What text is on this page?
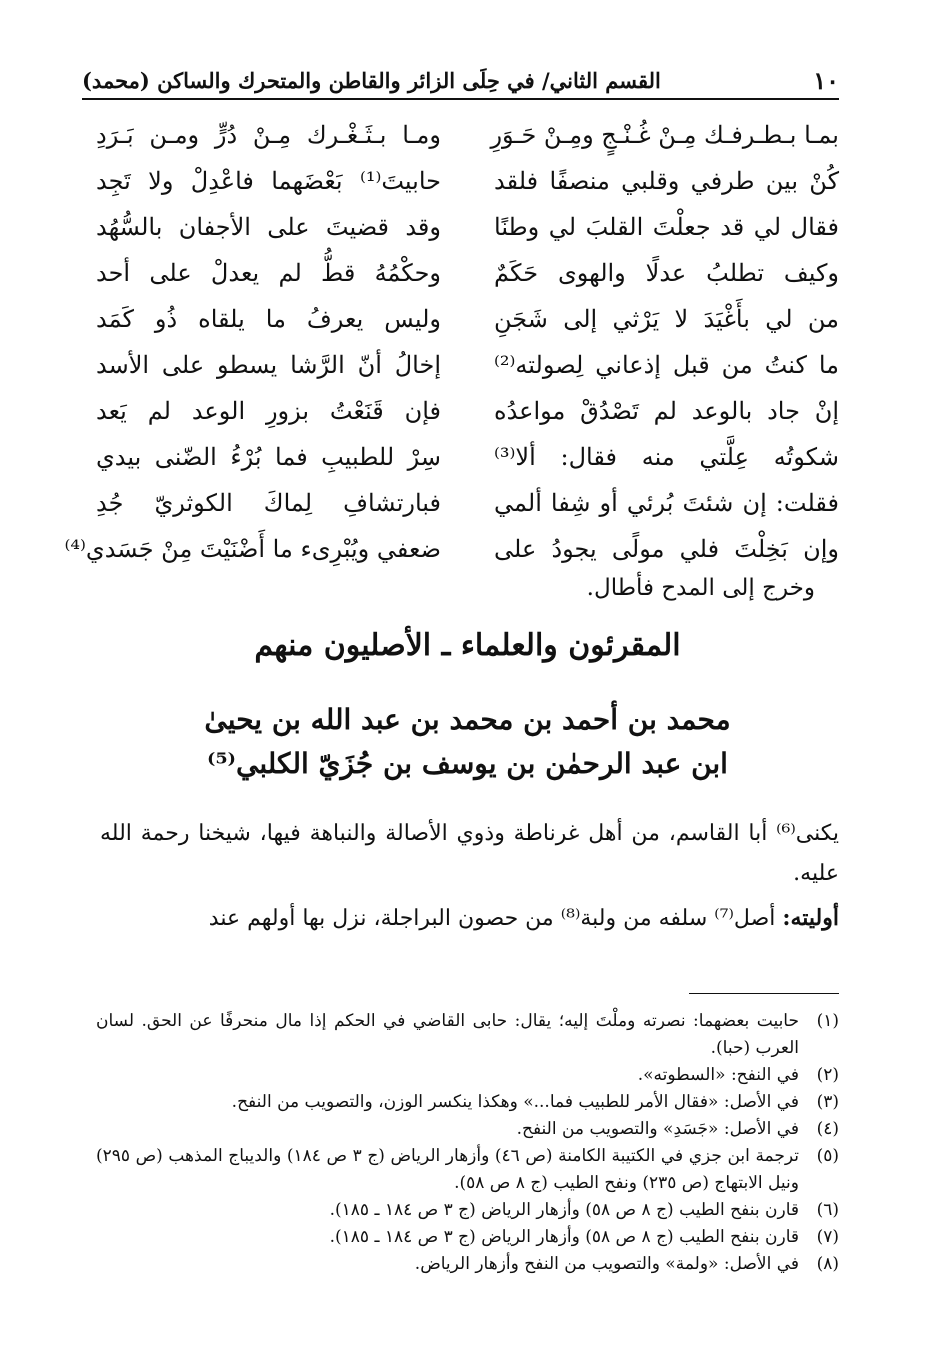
١٠
القسم الثاني/ في حِلَى الزائر والقاطن والمتحرك والساكن (محمد)
بمـا بـطـرفـك مِـنْ غُـنْـجٍ ومِـنْ حَـوَرِ
كُنْ بين طرفي وقلبي منصفًا فلقد
فقال لي قد جعلْتَ القلبَ لي وطنًا
وكيف تطلبُ عدلًا والهوى حَكَمٌ
من لي بأَغْيَدَ لا يَرْثي إلى شَجَنِ
ما كنتُ من قبل إذعاني لِصولته⁽²⁾
إنْ جاد بالوعد لم تَصْدُقْ مواعدُه
شكوتُه عِلَّتي منه فقال: ألا⁽³⁾
فقلت: إن شئتَ بُرئي أو شِفا ألمي
وإن بَخِلْتَ فلي مولًى يجودُ على
ومـا بـثَـغْـرك مِـنْ دُرٍّ ومـن بَـرَدِ
حابيتَ⁽¹⁾ بَعْضَهما فاعْدِلْ ولا تَجِد
وقد قضيتَ على الأجفان بالسُّهُد
وحكْمُهُ قطُّ لم يعدلْ على أحد
وليس يعرفُ ما يلقاه ذُو كَمَد
إخالُ أنّ الرَّشا يسطو على الأسد
فإن قَنَعْتُ بزورِ الوعد لم يَعد
سِرْ للطبيبِ فما بُرْءُ الضّنى بيدي
فبارتشافِ لِماكَ الكوثريّ جُدِ
ضعفي ويُبْرِىء ما أَضْنَيْتَ مِنْ جَسَدي⁽⁴⁾
وخرج إلى المدح فأطال.
المقرئون والعلماء ـ الأصليون منهم
محمد بن أحمد بن محمد بن عبد الله بن يحيىٰ
ابن عبد الرحمٰن بن يوسف بن جُزَيّ الكلبي⁽⁵⁾
يكنى⁽⁶⁾ أبا القاسم، من أهل غرناطة وذوي الأصالة والنباهة فيها، شيخنا رحمة الله عليه.
أوليته: أصل⁽⁷⁾ سلفه من ولبة⁽⁸⁾ من حصون البراجلة، نزل بها أولهم عند
(١)
حابيت بعضهما: نصرته وملْتَ إليه؛ يقال: حابى القاضي في الحكم إذا مال منحرفًا عن الحق. لسان العرب (حبا).
(٢)
في النفح: «السطوته».
(٣)
في الأصل: «فقال الأمر للطبيب فما...» وهكذا ينكسر الوزن، والتصويب من النفح.
(٤)
في الأصل: «جَسَدِ» والتصويب من النفح.
(٥)
ترجمة ابن جزي في الكتيبة الكامنة (ص ٤٦) وأزهار الرياض (ج ٣ ص ١٨٤) والديباج المذهب (ص ٢٩٥) ونيل الابتهاج (ص ٢٣٥) ونفح الطيب (ج ٨ ص ٥٨).
(٦)
قارن بنفح الطيب (ج ٨ ص ٥٨) وأزهار الرياض (ج ٣ ص ١٨٤ ـ ١٨٥).
(٧)
قارن بنفح الطيب (ج ٨ ص ٥٨) وأزهار الرياض (ج ٣ ص ١٨٤ ـ ١٨٥).
(٨)
في الأصل: «ولمة» والتصويب من النفح وأزهار الرياض.
